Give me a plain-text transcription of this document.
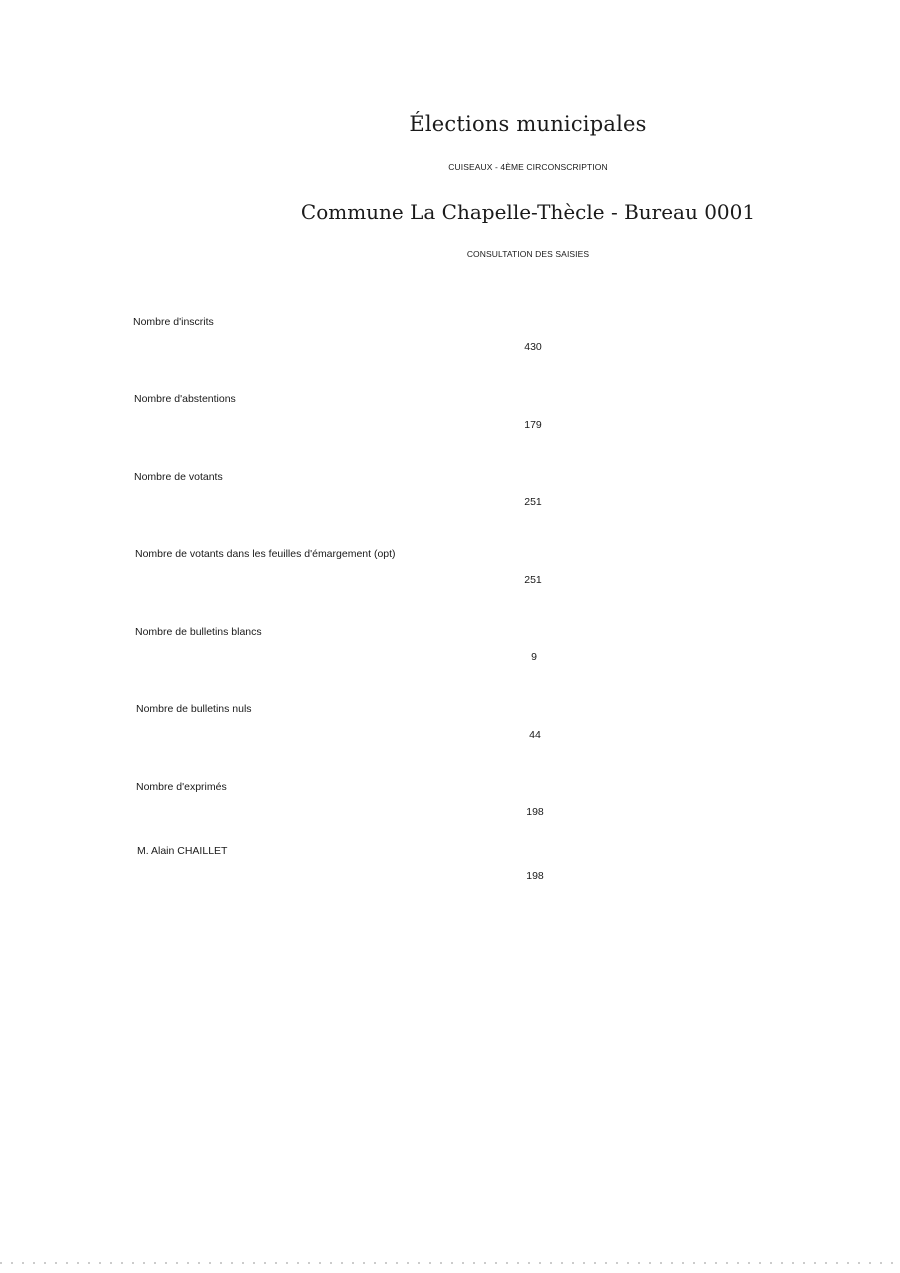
Élections municipales
CUISEAUX - 4ÈME CIRCONSCRIPTION
Commune La Chapelle-Thècle - Bureau 0001
CONSULTATION DES SAISIES
Nombre d'inscrits
430
Nombre d'abstentions
179
Nombre de votants
251
Nombre de votants dans les feuilles d'émargement (opt)
251
Nombre de bulletins blancs
9
Nombre de bulletins nuls
44
Nombre d'exprimés
198
M. Alain CHAILLET
198
